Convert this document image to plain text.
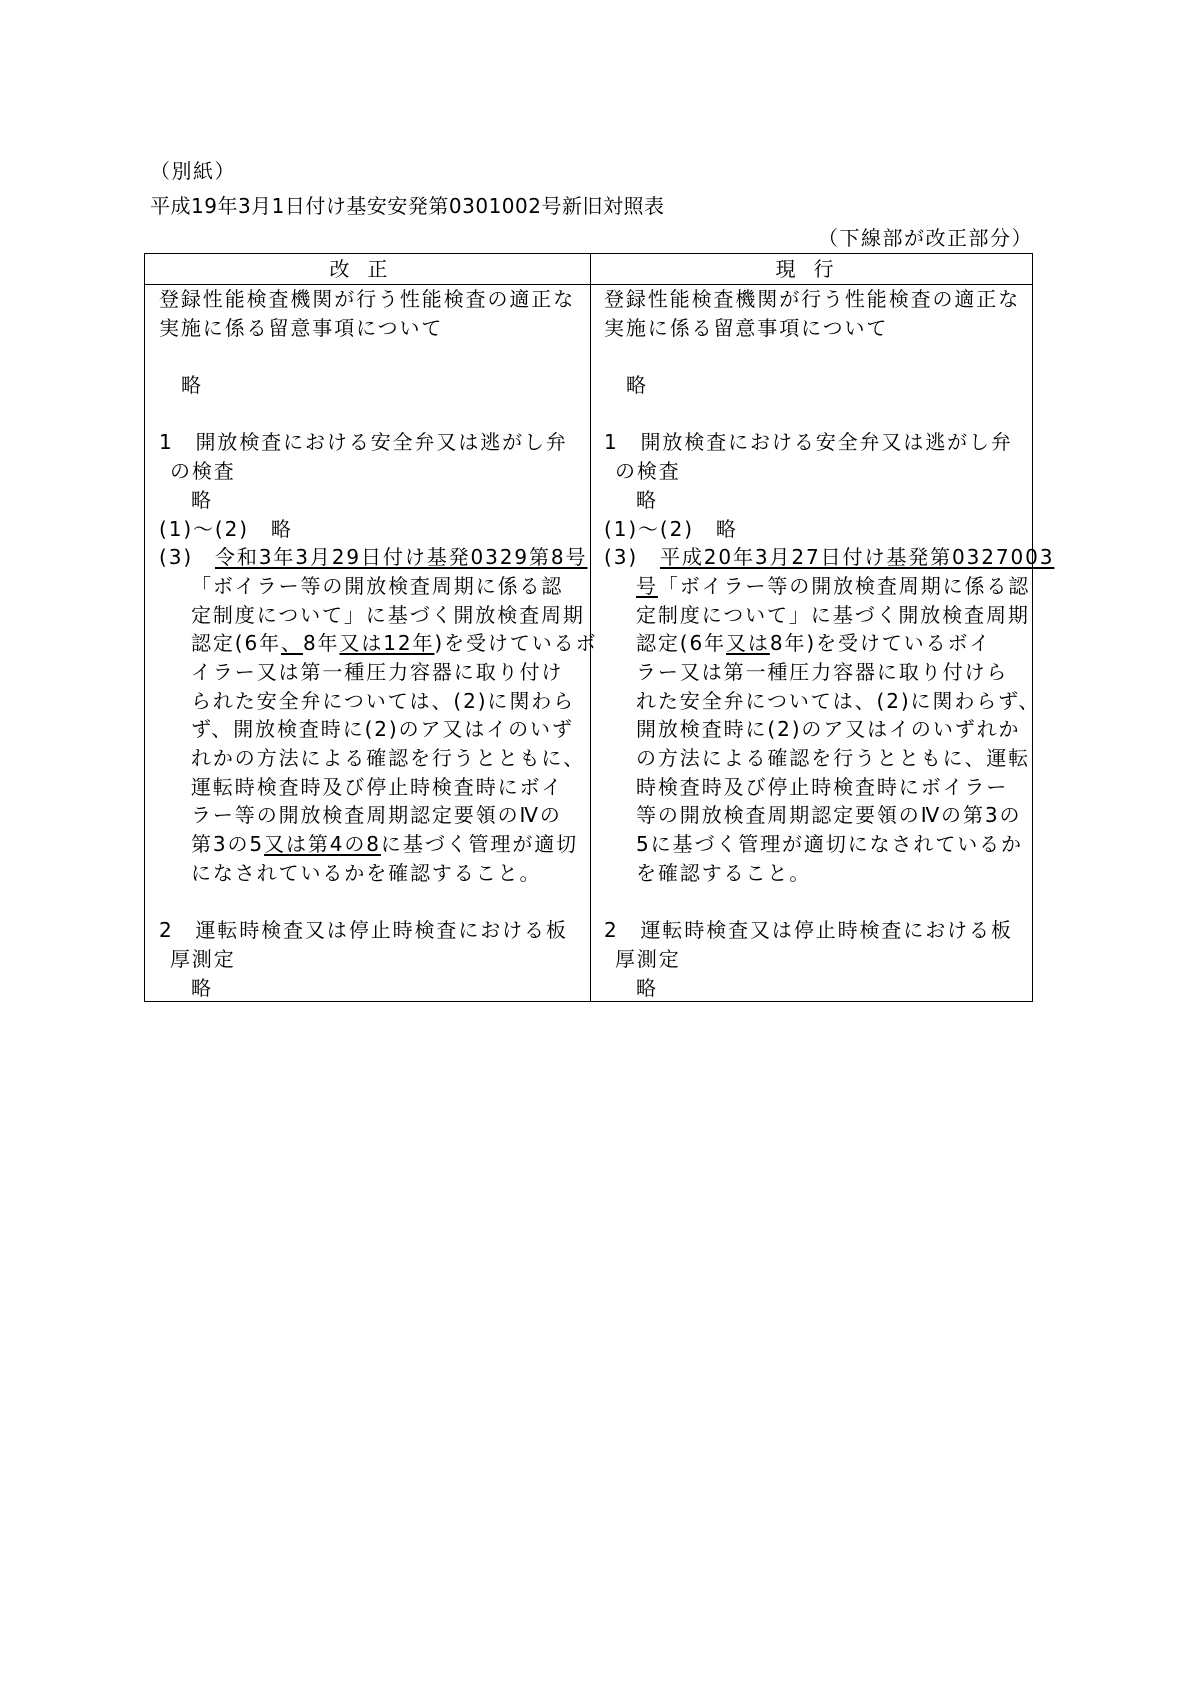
（別紙）
平成19年3月1日付け基安安発第0301002号新旧対照表
（下線部が改正部分）
改正	現行
登録性能検査機関が行う性能検査の適正な
実施に係る留意事項について
略
1　開放検査における安全弁又は逃がし弁
の検査
略
(1)～(2)　略
(3)　令和3年3月29日付け基発0329第8号
「ボイラー等の開放検査周期に係る認
定制度について」に基づく開放検査周期
認定(6年、8年又は12年)を受けているボ
イラー又は第一種圧力容器に取り付け
られた安全弁については、(2)に関わら
ず、開放検査時に(2)のア又はイのいず
れかの方法による確認を行うとともに、
運転時検査時及び停止時検査時にボイ
ラー等の開放検査周期認定要領のⅣの
第3の5又は第4の8に基づく管理が適切
になされているかを確認すること。
2　運転時検査又は停止時検査における板
厚測定
略
登録性能検査機関が行う性能検査の適正な
実施に係る留意事項について
略
1　開放検査における安全弁又は逃がし弁
の検査
略
(1)～(2)　略
(3)　平成20年3月27日付け基発第0327003
号「ボイラー等の開放検査周期に係る認
定制度について」に基づく開放検査周期
認定(6年又は8年)を受けているボイ
ラー又は第一種圧力容器に取り付けら
れた安全弁については、(2)に関わらず、
開放検査時に(2)のア又はイのいずれか
の方法による確認を行うとともに、運転
時検査時及び停止時検査時にボイラー
等の開放検査周期認定要領のⅣの第3の
5に基づく管理が適切になされているか
を確認すること。
2　運転時検査又は停止時検査における板
厚測定
略
